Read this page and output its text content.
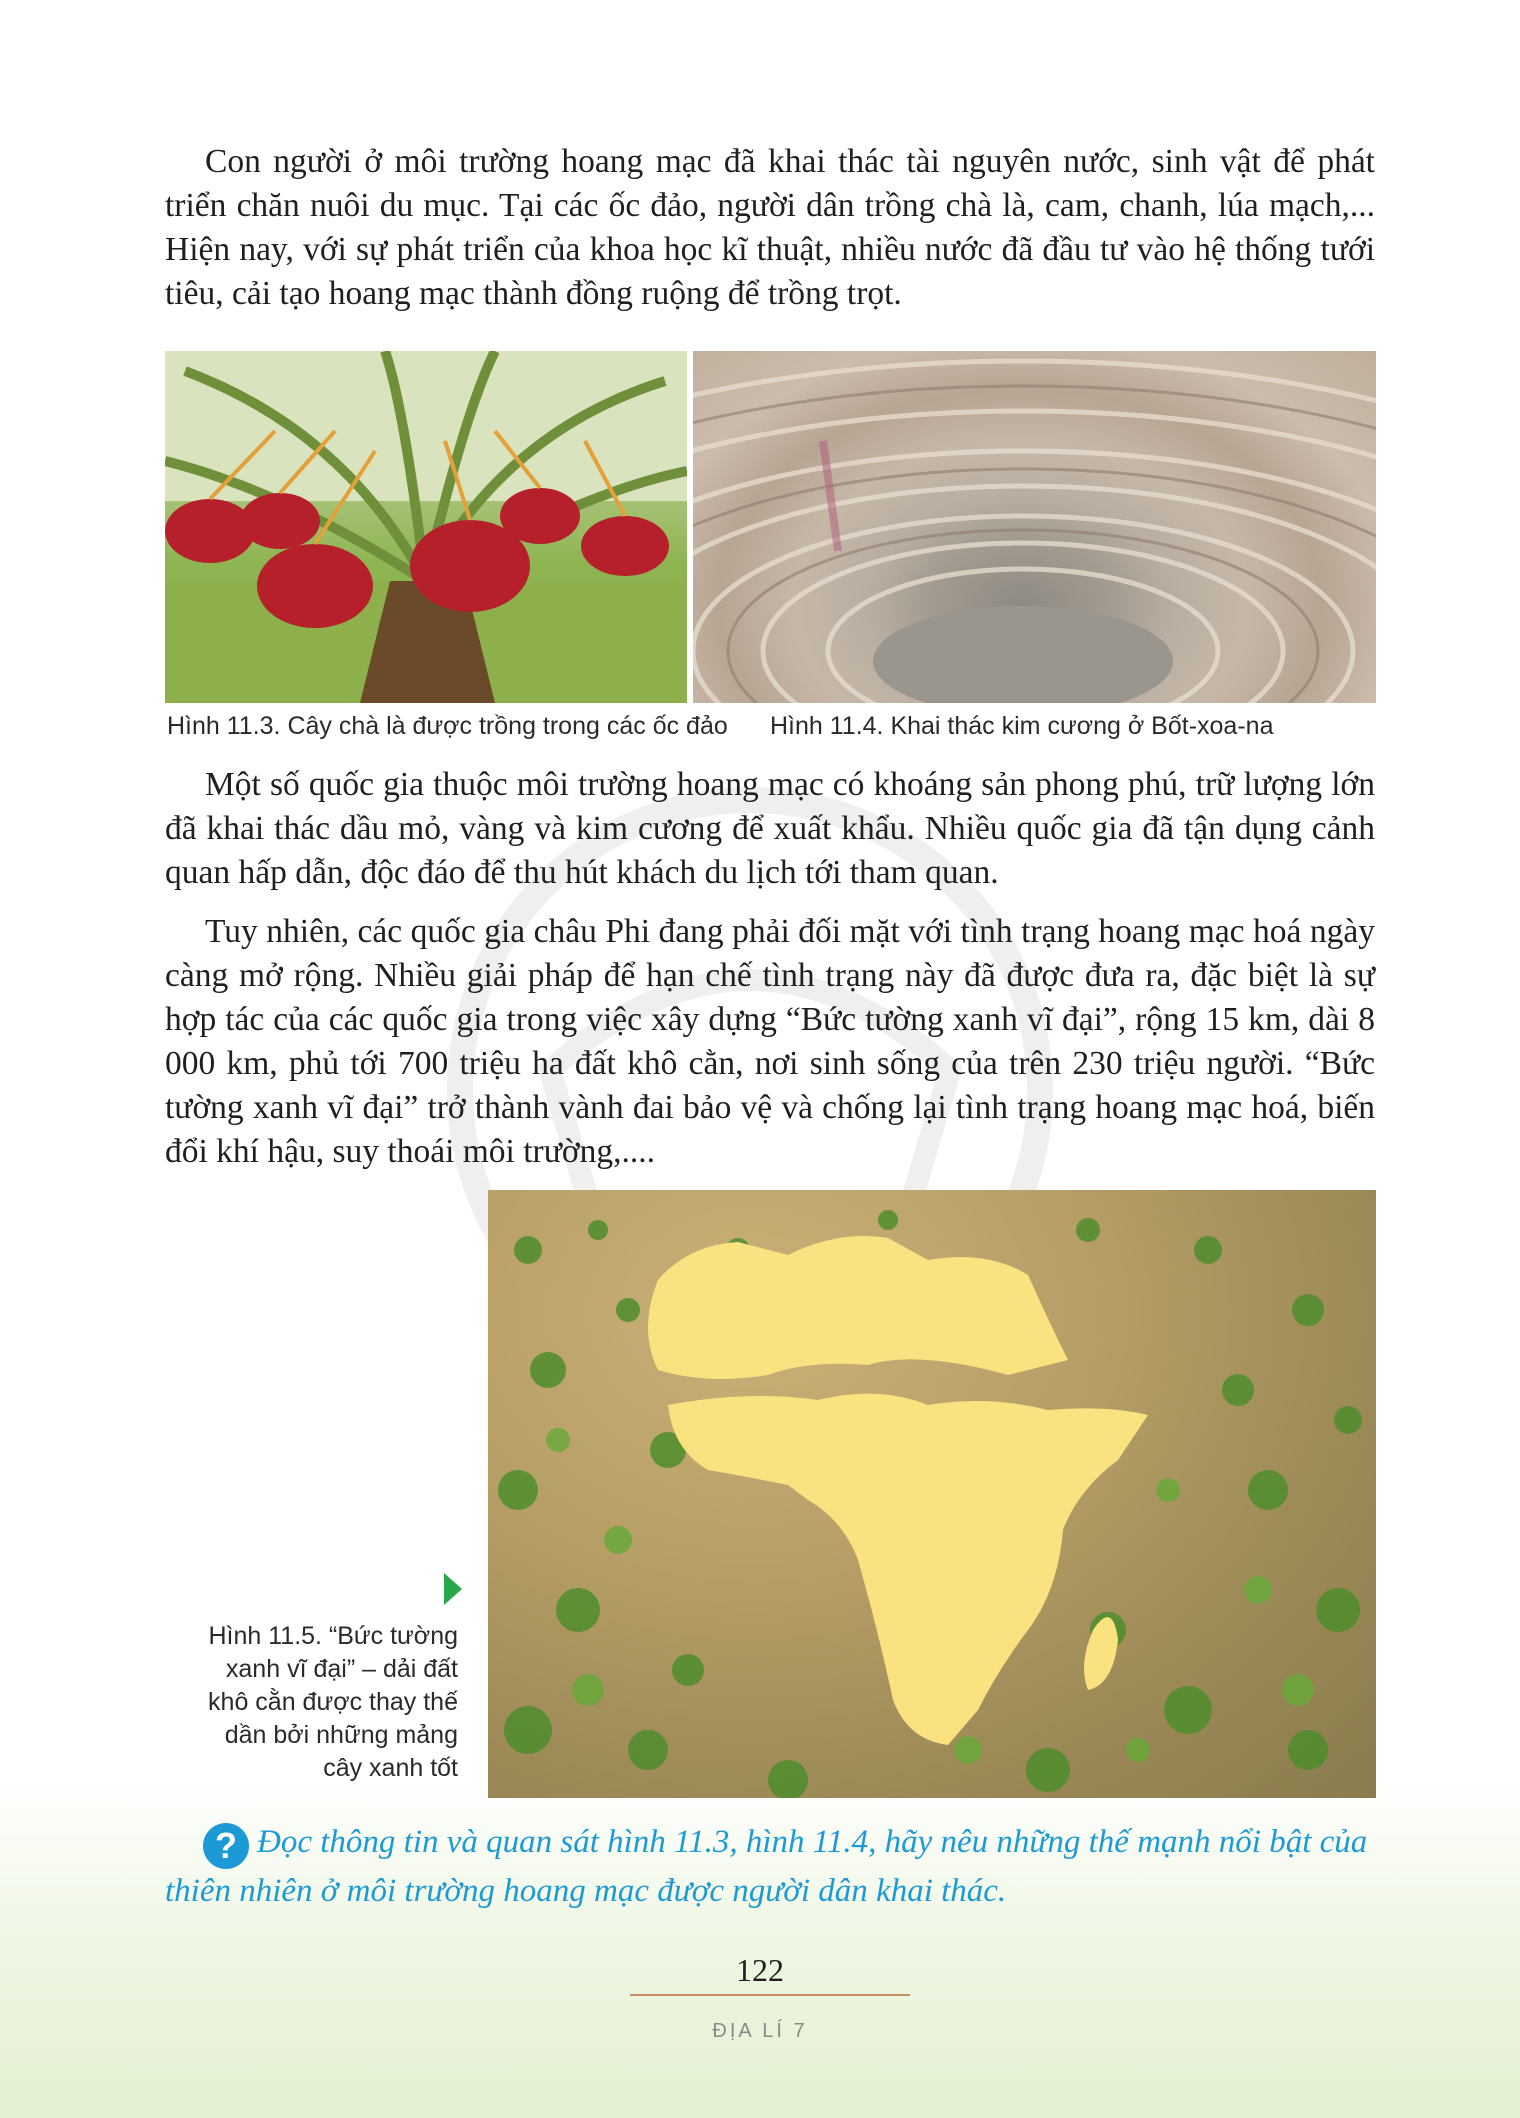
Con người ở môi trường hoang mạc đã khai thác tài nguyên nước, sinh vật để phát triển chăn nuôi du mục. Tại các ốc đảo, người dân trồng chà là, cam, chanh, lúa mạch,... Hiện nay, với sự phát triển của khoa học kĩ thuật, nhiều nước đã đầu tư vào hệ thống tưới tiêu, cải tạo hoang mạc thành đồng ruộng để trồng trọt.

Hình 11.3. Cây chà là được trồng trong các ốc đảo Hình 11.4. Khai thác kim cương ở Bốt-xoa-na

Một số quốc gia thuộc môi trường hoang mạc có khoáng sản phong phú, trữ lượng lớn đã khai thác dầu mỏ, vàng và kim cương để xuất khẩu. Nhiều quốc gia đã tận dụng cảnh quan hấp dẫn, độc đáo để thu hút khách du lịch tới tham quan.

Tuy nhiên, các quốc gia châu Phi đang phải đối mặt với tình trạng hoang mạc hoá ngày càng mở rộng. Nhiều giải pháp để hạn chế tình trạng này đã được đưa ra, đặc biệt là sự hợp tác của các quốc gia trong việc xây dựng “Bức tường xanh vĩ đại”, rộng 15 km, dài 8 000 km, phủ tới 700 triệu ha đất khô cằn, nơi sinh sống của trên 230 triệu người. “Bức tường xanh vĩ đại” trở thành vành đai bảo vệ và chống lại tình trạng hoang mạc hoá, biến đổi khí hậu, suy thoái môi trường,....

Hình 11.5. “Bức tường xanh vĩ đại” – dải đất khô cằn được thay thế dần bởi những mảng cây xanh tốt

? Đọc thông tin và quan sát hình 11.3, hình 11.4, hãy nêu những thế mạnh nổi bật của thiên nhiên ở môi trường hoang mạc được người dân khai thác.

122
ĐỊA LÍ 7
